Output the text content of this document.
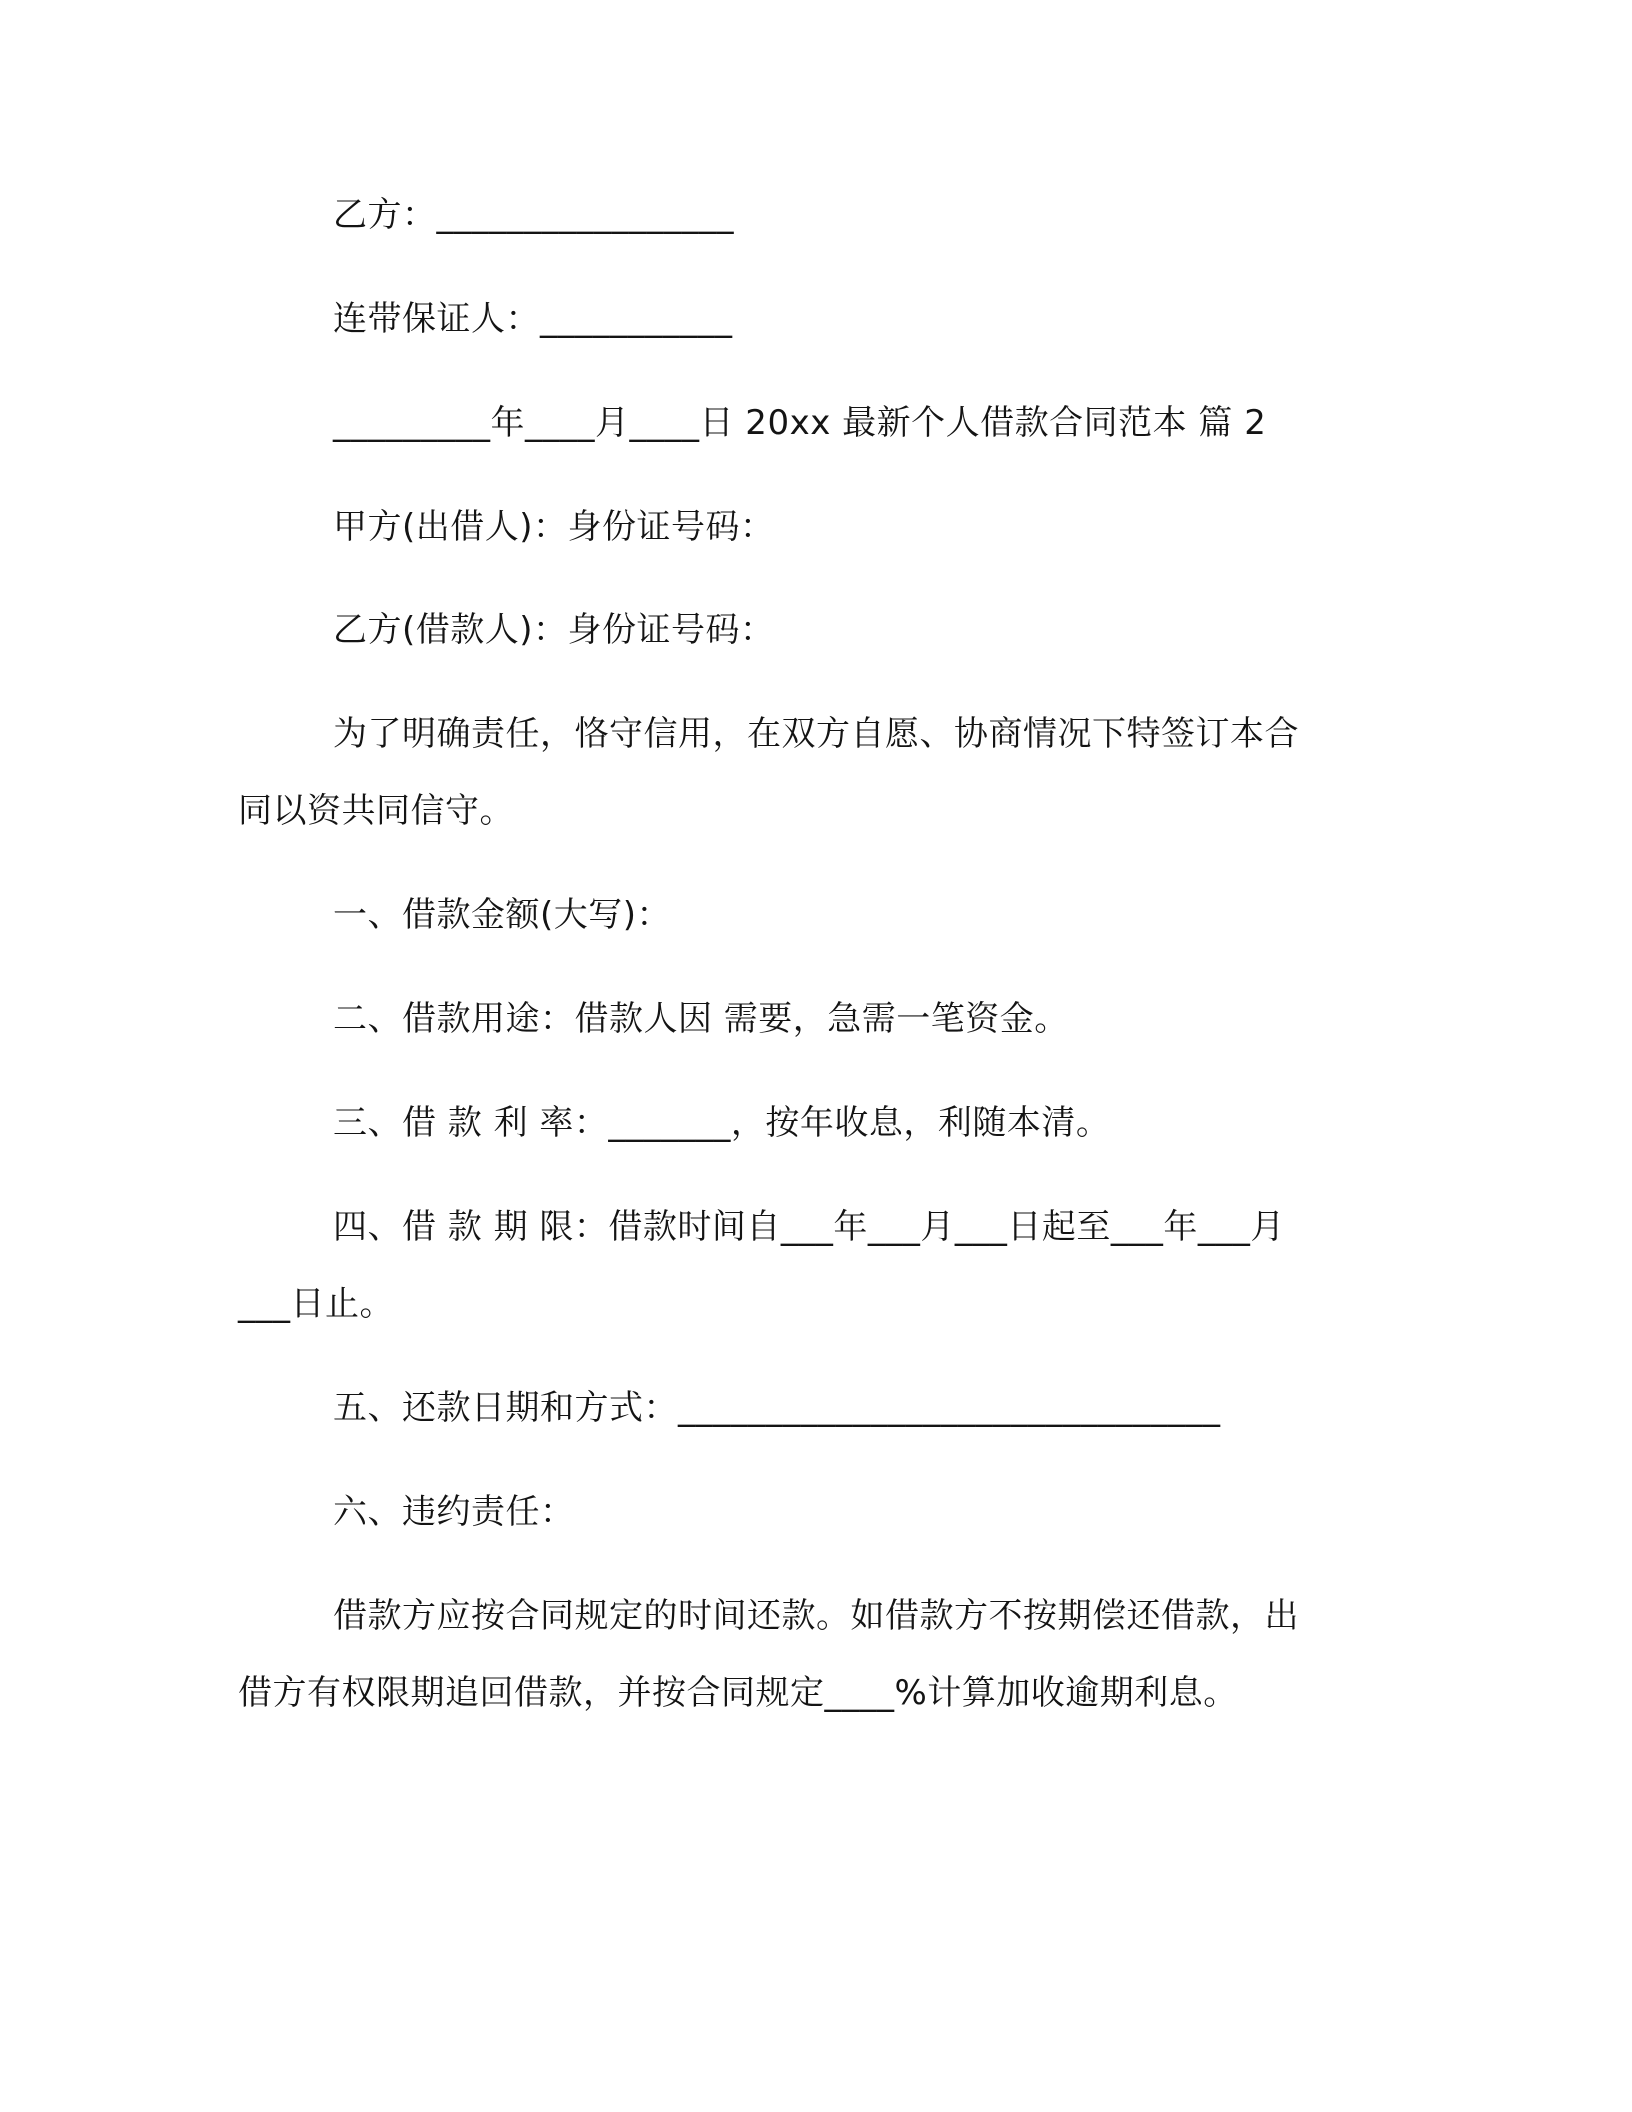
乙方：_________________
连带保证人：___________
_________年____月____日 20xx 最新个人借款合同范本 篇 2
甲方(出借人)：身份证号码：
乙方(借款人)：身份证号码：
为了明确责任，恪守信用，在双方自愿、协商情况下特签订本合
同以资共同信守。
一、借款金额(大写)：
二、借款用途：借款人因 需要，急需一笔资金。
三、借 款 利 率：_______，按年收息，利随本清。
四、借 款 期 限：借款时间自___年___月___日起至___年___月
___日止。
五、还款日期和方式：_______________________________
六、违约责任：
借款方应按合同规定的时间还款。如借款方不按期偿还借款，出
借方有权限期追回借款，并按合同规定____%计算加收逾期利息。
